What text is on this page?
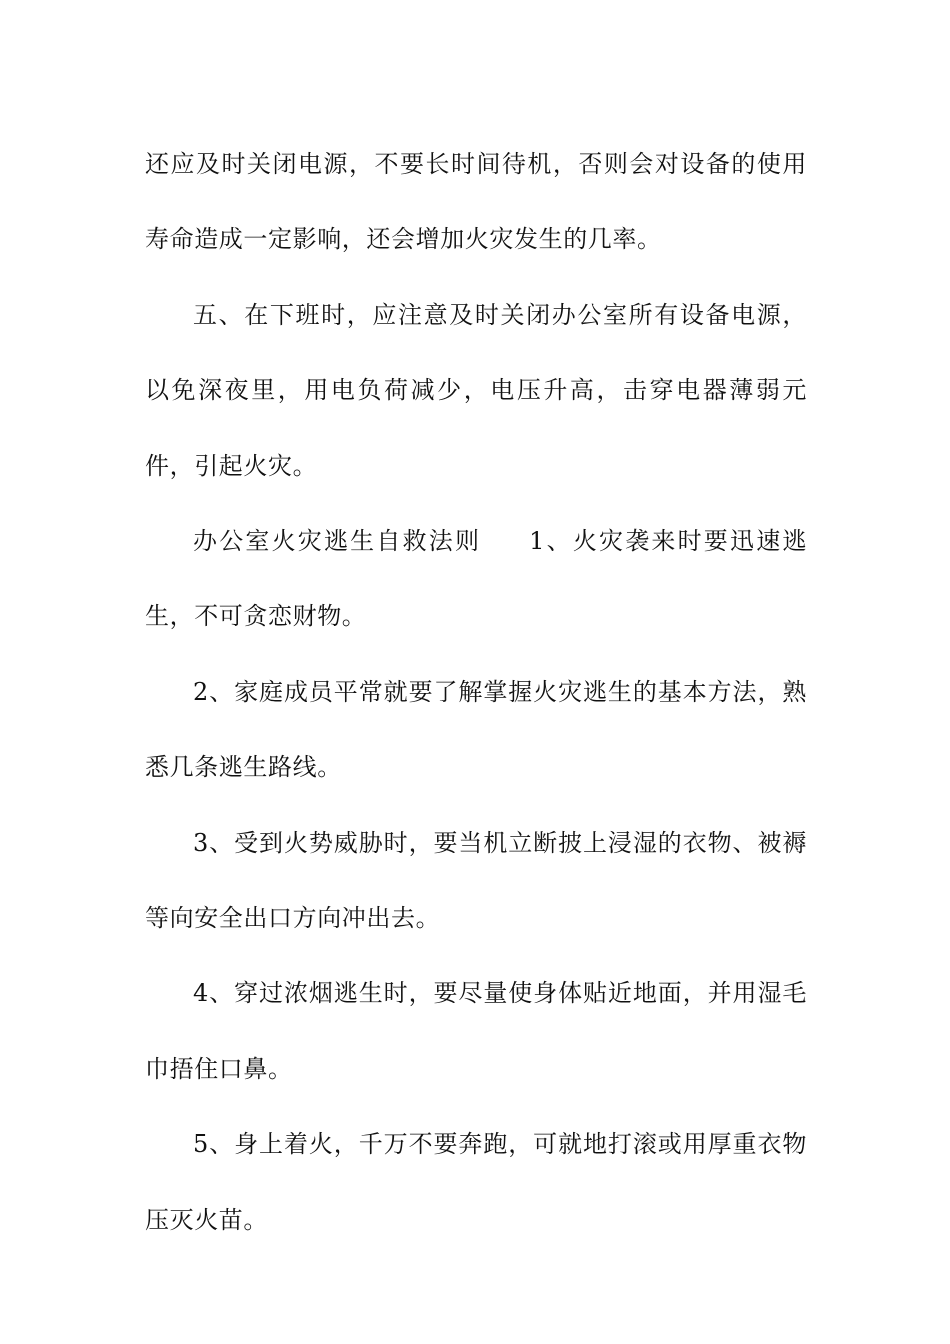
还应及时关闭电源，不要长时间待机，否则会对设备的使用寿命造成一定影响，还会增加火灾发生的几率。

五、在下班时，应注意及时关闭办公室所有设备电源，以免深夜里，用电负荷减少，电压升高，击穿电器薄弱元件，引起火灾。

办公室火灾逃生自救法则 1、火灾袭来时要迅速逃生，不可贪恋财物。

2、家庭成员平常就要了解掌握火灾逃生的基本方法，熟悉几条逃生路线。

3、受到火势威胁时，要当机立断披上浸湿的衣物、被褥等向安全出口方向冲出去。

4、穿过浓烟逃生时，要尽量使身体贴近地面，并用湿毛巾捂住口鼻。

5、身上着火，千万不要奔跑，可就地打滚或用厚重衣物压灭火苗。
